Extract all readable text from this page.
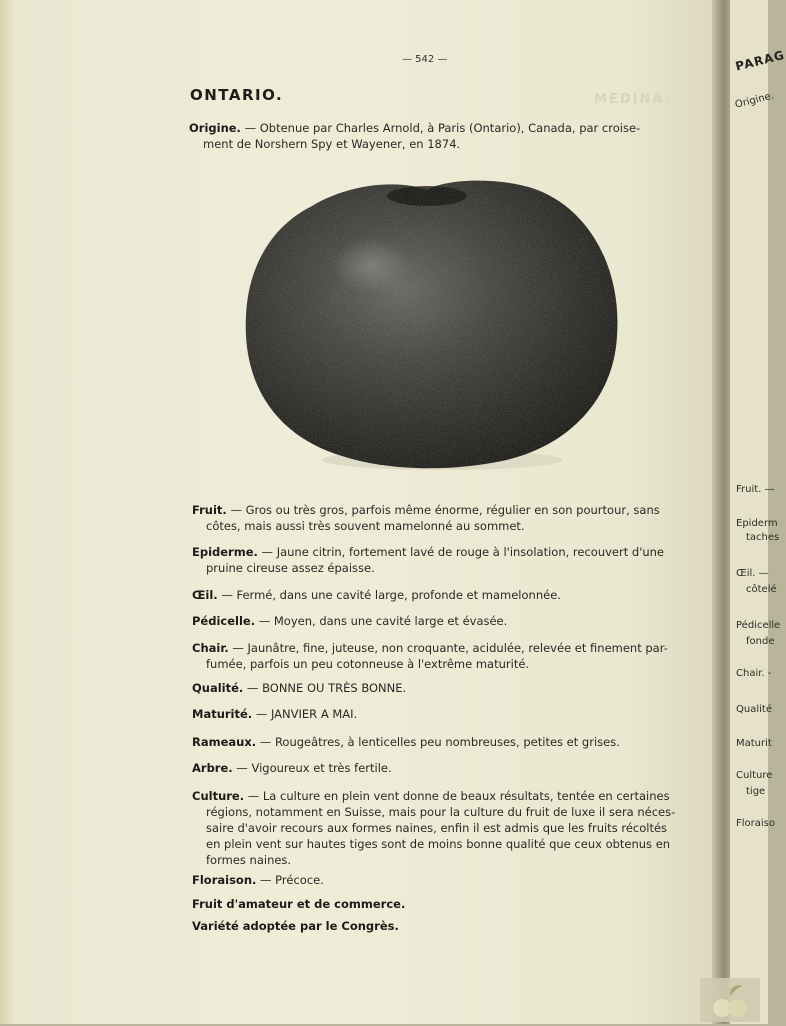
— 542 —
MEDINA.
ONTARIO.
Origine. — Obtenue par Charles Arnold, à Paris (Ontario), Canada, par croise-
ment de Norshern Spy et Wayener, en 1874.
Fruit. — Gros ou très gros, parfois même énorme, régulier en son pourtour, sans
côtes, mais aussi très souvent mamelonné au sommet.
Epiderme. — Jaune citrin, fortement lavé de rouge à l'insolation, recouvert d'une
pruine cireuse assez épaisse.
Œil. — Fermé, dans une cavité large, profonde et mamelonnée.
Pédicelle. — Moyen, dans une cavité large et évasée.
Chair. — Jaunâtre, fine, juteuse, non croquante, acidulée, relevée et finement par-
fumée, parfois un peu cotonneuse à l'extrême maturité.
Qualité. — BONNE OU TRÈS BONNE.
Maturité. — JANVIER A MAI.
Rameaux. — Rougeâtres, à lenticelles peu nombreuses, petites et grises.
Arbre. — Vigoureux et très fertile.
Culture. — La culture en plein vent donne de beaux résultats, tentée en certaines
régions, notamment en Suisse, mais pour la culture du fruit de luxe il sera néces-
saire d'avoir recours aux formes naines, enfin il est admis que les fruits récoltés
en plein vent sur hautes tiges sont de moins bonne qualité que ceux obtenus en
formes naines.
Floraison. — Précoce.
Fruit d'amateur et de commerce.
Variété adoptée par le Congrès.
PARAG
Origine.
Fruit. —
Epiderm
taches
Œil. —
côtelé
Pédicelle
fonde
Chair. -
Qualité
Maturit
Culture
tige
Floraiso
